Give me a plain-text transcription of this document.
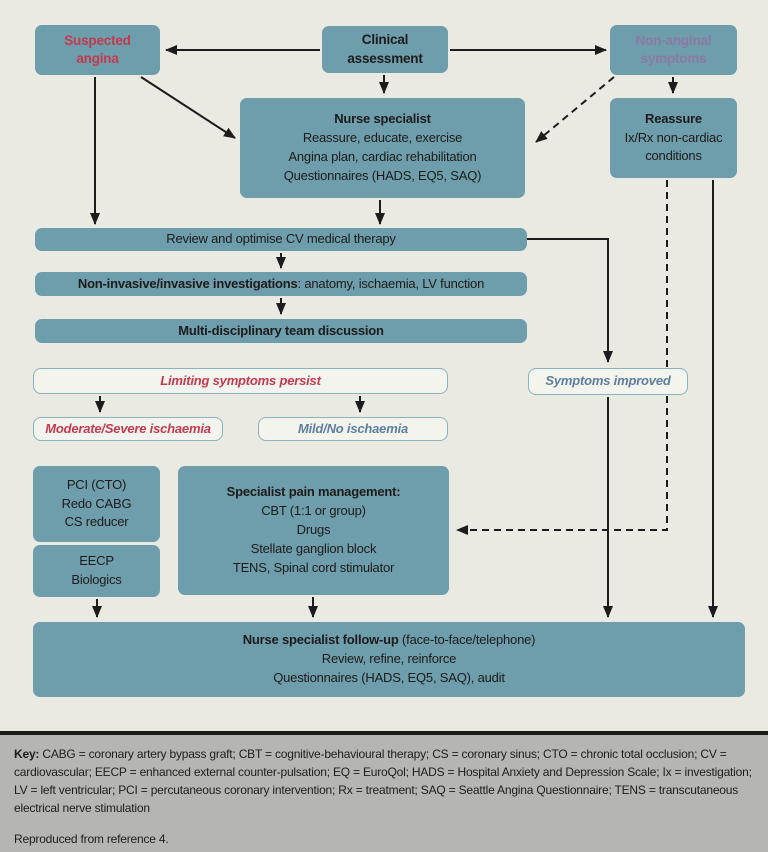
Suspected
angina
Clinical
assessment
Non-anginal
symptoms
Nurse specialist
Reassure, educate, exercise
Angina plan, cardiac rehabilitation
Questionnaires (HADS, EQ5, SAQ)
Reassure
Ix/Rx non-cardiac
conditions
Review and optimise CV medical therapy
Non-invasive/invasive investigations: anatomy, ischaemia, LV function
Multi-disciplinary team discussion
Limiting symptoms persist
Moderate/Severe ischaemia	Mild/No ischaemia
Symptoms improved
PCI (CTO)
Redo CABG
CS reducer
EECP
Biologics
Specialist pain management:
CBT (1:1 or group)
Drugs
Stellate ganglion block
TENS, Spinal cord stimulator
Nurse specialist follow-up (face-to-face/telephone)
Review, refine, reinforce
Questionnaires (HADS, EQ5, SAQ), audit
Key: CABG = coronary artery bypass graft; CBT = cognitive-behavioural therapy; CS = coronary sinus; CTO = chronic total occlusion; CV = cardiovascular; EECP = enhanced external counter-pulsation; EQ = EuroQol; HADS = Hospital Anxiety and Depression Scale; Ix = investigation; LV = left ventricular; PCI = percutaneous coronary intervention; Rx = treatment; SAQ = Seattle Angina Questionnaire; TENS = transcutaneous electrical nerve stimulation
Reproduced from reference 4.
